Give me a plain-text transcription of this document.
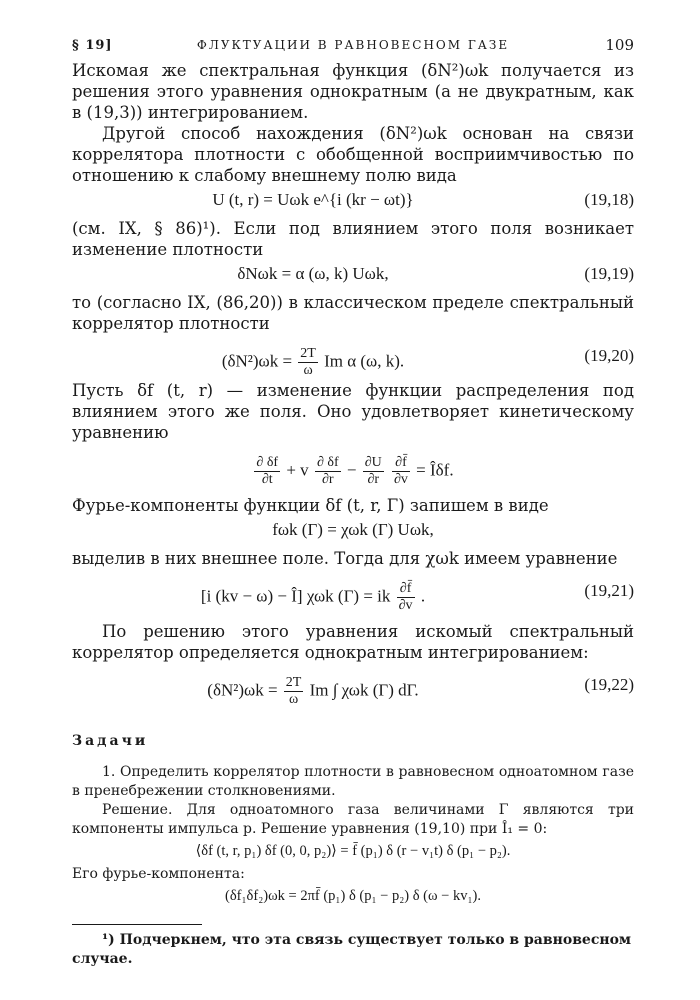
§ 19]	ФЛУКТУАЦИИ В РАВНОВЕСНОМ ГАЗЕ	109

Искомая же спектральная функция (δN²)ωk получается из решения этого уравнения однократным (а не двукратным, как в (19,3)) интегрированием.

Другой способ нахождения (δN²)ωk основан на связи коррелятора плотности с обобщенной восприимчивостью по отношению к слабому внешнему полю вида

U (t, r) = Uωk e^{i (kr − ωt)}	(19,18)

(см. IX, § 86)¹). Если под влиянием этого поля возникает изменение плотности

δNωk = α (ω, k) Uωk,	(19,19)

то (согласно IX, (86,20)) в классическом пределе спектральный коррелятор плотности

$(\delta N^2)\omega k = \frac{2T}{\omega}$ Im α (ω, k).	(19,20)

Пусть δf (t, r) — изменение функции распределения под влиянием этого же поля. Оно удовлетворяет кинетическому уравнению

$\frac{\partial \delta f}{\partial t} + v \frac{\partial \delta f}{\partial r} - \frac{\partial U}{\partial r}$
$\frac{\partial f̄}{\partial v}$ = Îδf.

Фурье-компоненты функции δf (t, r, Γ) запишем в виде

fωk (Γ) = χωk (Γ) Uωk,

выделив в них внешнее поле. Тогда для χωk имеем уравнение

[i (kv − ω) − Î] χωk (Γ) = ik $\frac{\partial f̄}{\partial v}$ .	(19,21)

По решению этого уравнения искомый спектральный коррелятор определяется однократным интегрированием:

$(\delta N^2)\omega k = \frac{2T}{\omega}$ Im ∫ χωk (Γ) dΓ.	(19,22)
Задачи

1. Определить коррелятор плотности в равновесном одноатомном газе в пренебрежении столкновениями.

Решение. Для одноатомного газа величинами Γ являются три компоненты импульса p. Решение уравнения (19,10) при Î₁ = 0:

⟨δf (t, r, p₁) δf (0, 0, p₂)⟩ = f̄ (p₁) δ (r − v₁t) δ (p₁ − p₂).

Его фурье-компонента:

(δf₁δf₂)ωk = 2πf̄ (p₁) δ (p₁ − p₂) δ (ω − kv₁).

¹) Подчеркнем, что эта связь существует только в равновесном случае.
